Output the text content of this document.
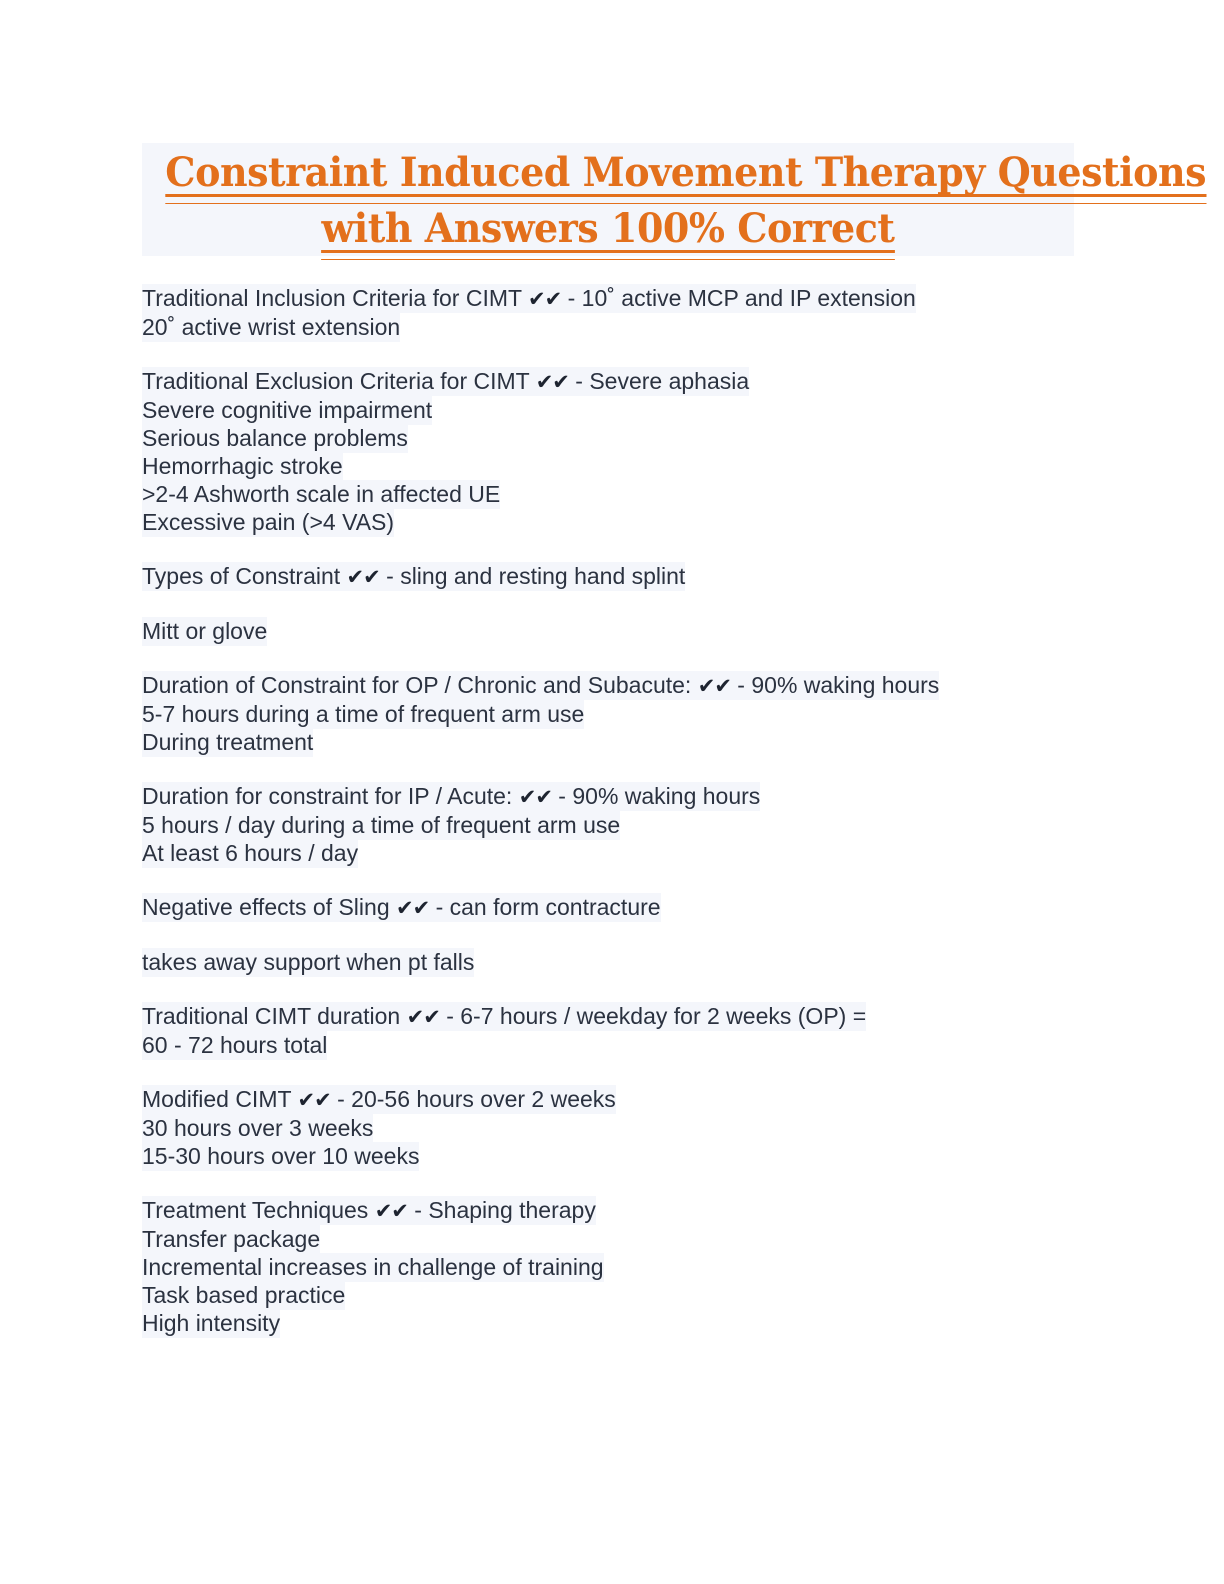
Constraint Induced Movement Therapy Questions
with Answers 100% Correct
Traditional Inclusion Criteria for CIMT ✔✔ - 10˚ active MCP and IP extension
20˚ active wrist extension
Traditional Exclusion Criteria for CIMT ✔✔ - Severe aphasia
Severe cognitive impairment
Serious balance problems
Hemorrhagic stroke
>2-4 Ashworth scale in affected UE
Excessive pain (>4 VAS)
Types of Constraint ✔✔ - sling and resting hand splint
Mitt or glove
Duration of Constraint for OP / Chronic and Subacute: ✔✔ - 90% waking hours
5-7 hours during a time of frequent arm use
During treatment
Duration for constraint for IP / Acute: ✔✔ - 90% waking hours
5 hours / day during a time of frequent arm use
At least 6 hours / day
Negative effects of Sling ✔✔ - can form contracture
takes away support when pt falls
Traditional CIMT duration ✔✔ - 6-7 hours / weekday for 2 weeks (OP) =
60 - 72 hours total
Modified CIMT ✔✔ - 20-56 hours over 2 weeks
30 hours over 3 weeks
15-30 hours over 10 weeks
Treatment Techniques ✔✔ - Shaping therapy
Transfer package
Incremental increases in challenge of training
Task based practice
High intensity
